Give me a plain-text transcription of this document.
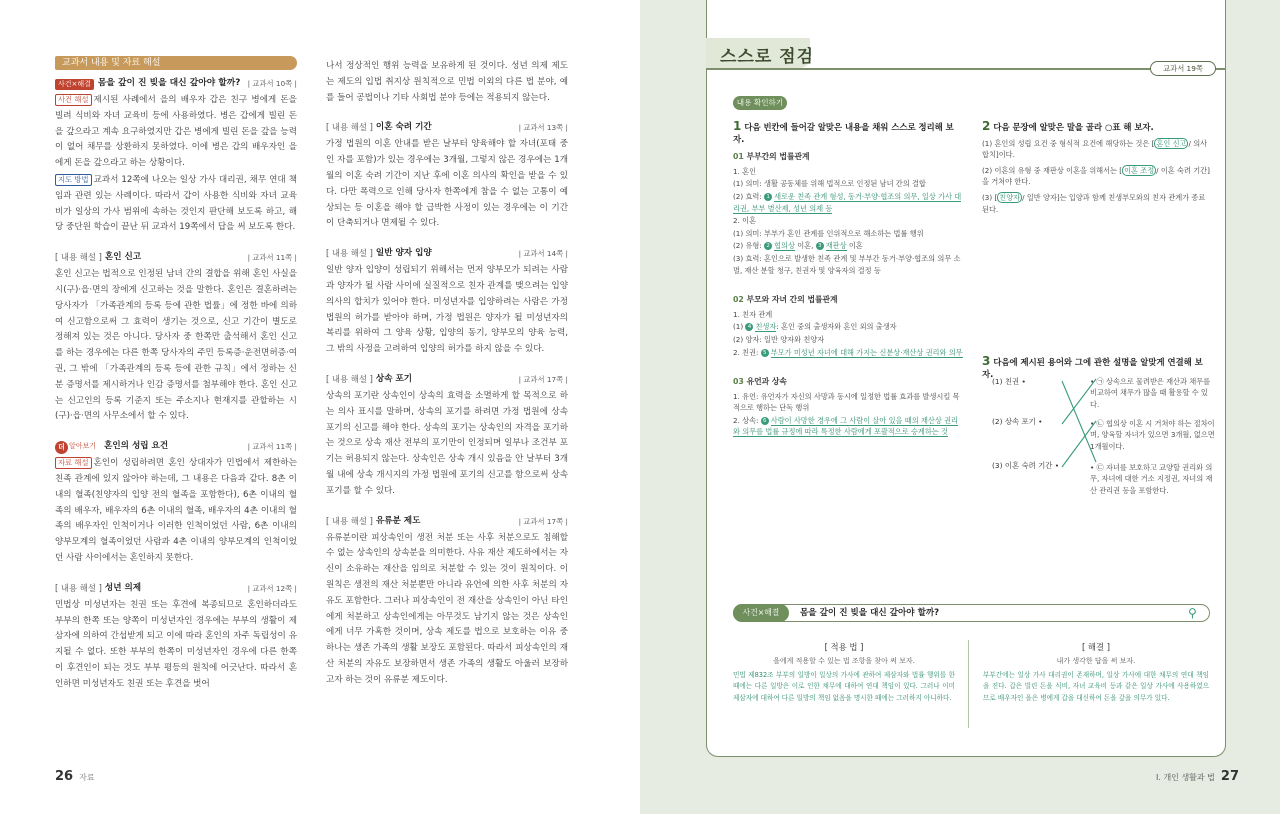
교과서 내용 및 자료 해설
사건×해결 몸을 갚이 진 빚을 대신 갚아야 할까? | 교과서 10쪽 |
사건 해설 제시된 사례에서 을의 배우자 갑은 친구 병에게 돈을 빌려 식비와 자녀 교육비 등에 사용하였다. 병은 갑에게 빌린 돈을 갚으라고 계속 요구하였지만 갑은 병에게 빌린 돈을 갚을 능력이 없어 채무를 상환하지 못하였다. 이에 병은 갑의 배우자인 을에게 돈을 갚으라고 하는 상황이다.
지도 방법 교과서 12쪽에 나오는 일상 가사 대리권, 채무 연대 책임과 관련 있는 사례이다. 따라서 갑이 사용한 식비와 자녀 교육비가 일상의 가사 범위에 속하는 것인지 판단해 보도록 하고, 해당 중단원 학습이 끝난 뒤 교과서 19쪽에서 답을 써 보도록 한다.
[ 내용 해설 ] 혼인 신고	| 교과서 11쪽 |
혼인 신고는 법적으로 인정된 남녀 간의 결합을 위해 혼인 사실을 시(구)·읍·면의 장에게 신고하는 것을 말한다. 혼인은 결혼하려는 당사자가 「가족관계의 등록 등에 관한 법률」에 정한 바에 의하여 신고함으로써 그 효력이 생기는 것으로, 신고 기간이 별도로 정해져 있는 것은 아니다. 당사자 중 한쪽만 출석해서 혼인 신고를 하는 경우에는 다른 한쪽 당사자의 주민 등록증·운전면허증·여권, 그 밖에 「가족관계의 등록 등에 관한 규칙」에서 정하는 신분 증명서를 제시하거나 인감 증명서를 첨부해야 한다. 혼인 신고는 신고인의 등록 기준지 또는 주소지나 현재지를 관할하는 시(구)·읍·면의 사무소에서 할 수 있다.
더 알아보기 혼인의 성립 요건	| 교과서 11쪽 |
자료 해설 혼인이 성립하려면 혼인 상대자가 민법에서 제한하는 친족 관계에 있지 않아야 하는데, 그 내용은 다음과 같다. 8촌 이내의 혈족(친양자의 입양 전의 혈족을 포함한다), 6촌 이내의 혈족의 배우자, 배우자의 6촌 이내의 혈족, 배우자의 4촌 이내의 혈족의 배우자인 인척이거나 이러한 인척이었던 사람, 6촌 이내의 양부모계의 혈족이었던 사람과 4촌 이내의 양부모계의 인척이었던 사람 사이에서는 혼인하지 못한다.
[ 내용 해설 ] 성년 의제	| 교과서 12쪽 |
민법상 미성년자는 친권 또는 후견에 복종되므로 혼인하더라도 부부의 한쪽 또는 양쪽이 미성년자인 경우에는 부부의 생활이 제삼자에 의하여 간섭받게 되고 이에 따라 혼인의 자주 독립성이 유지될 수 없다. 또한 부부의 한쪽이 미성년자인 경우에 다른 한쪽이 후견인이 되는 것도 부부 평등의 원칙에 어긋난다. 따라서 혼인하면 미성년자도 친권 또는 후견을 벗어
나서 정상적인 행위 능력을 보유하게 된 것이다. 성년 의제 제도는 제도의 입법 취지상 원칙적으로 민법 이외의 다른 법 분야, 예를 들어 공법이나 기타 사회법 분야 등에는 적용되지 않는다.
[ 내용 해설 ] 이혼 숙려 기간	| 교과서 13쪽 |
가정 법원의 이혼 안내를 받은 날부터 양육해야 할 자녀(포태 중인 자를 포함)가 있는 경우에는 3개월, 그렇지 않은 경우에는 1개월의 이혼 숙려 기간이 지난 후에 이혼 의사의 확인을 받을 수 있다. 다만 폭력으로 인해 당사자 한쪽에게 참을 수 없는 고통이 예상되는 등 이혼을 해야 할 급박한 사정이 있는 경우에는 이 기간이 단축되거나 면제될 수 있다.
[ 내용 해설 ] 일반 양자 입양	| 교과서 14쪽 |
일반 양자 입양이 성립되기 위해서는 먼저 양부모가 되려는 사람과 양자가 될 사람 사이에 실질적으로 친자 관계를 맺으려는 입양 의사의 합치가 있어야 한다. 미성년자를 입양하려는 사람은 가정 법원의 허가를 받아야 하며, 가정 법원은 양자가 될 미성년자의 복리를 위하여 그 양육 상황, 입양의 동기, 양부모의 양육 능력, 그 밖의 사정을 고려하여 입양의 허가를 하지 않을 수 있다.
[ 내용 해설 ] 상속 포기	| 교과서 17쪽 |
상속의 포기란 상속인이 상속의 효력을 소멸하게 할 목적으로 하는 의사 표시를 말하며, 상속의 포기를 하려면 가정 법원에 상속 포기의 신고를 해야 한다. 상속의 포기는 상속인의 자격을 포기하는 것으로 상속 재산 전부의 포기만이 인정되며 일부나 조건부 포기는 허용되지 않는다. 상속인은 상속 개시 있음을 안 날부터 3개월 내에 상속 개시지의 가정 법원에 포기의 신고를 함으로써 상속 포기를 할 수 있다.
[ 내용 해설 ] 유류분 제도	| 교과서 17쪽 |
유류분이란 피상속인이 생전 처분 또는 사후 처분으로도 침해할 수 없는 상속인의 상속분을 의미한다. 사유 재산 제도하에서는 자신이 소유하는 재산을 임의로 처분할 수 있는 것이 원칙이다. 이 원칙은 생전의 재산 처분뿐만 아니라 유언에 의한 사후 처분의 자유도 포함한다. 그러나 피상속인이 전 재산을 상속인이 아닌 타인에게 처분하고 상속인에게는 아무것도 남기지 않는 것은 상속인에게 너무 가혹한 것이며, 상속 제도를 법으로 보호하는 이유 중 하나는 생존 가족의 생활 보장도 포함된다. 따라서 피상속인의 재산 처분의 자유도 보장하면서 생존 가족의 생활도 아울러 보장하고자 하는 것이 유류분 제도이다.
26 자료
스스로 점검
교과서 19쪽
내용 확인하기
1 다음 빈칸에 들어갈 알맞은 내용을 채워 스스로 정리해 보자.
01 부부간의 법률관계
1. 혼인
(1) 의미: 생활 공동체를 위해 법적으로 인정된 남녀 간의 결합
(2) 효력: 1 새로운 친족 관계 형성, 동거·부양·협조의 의무, 일상 가사 대리권, 부부 별산제, 성년 의제 등
2. 이혼
(1) 의미: 부부가 혼인 관계를 인위적으로 해소하는 법률 행위
(2) 유형: 2 협의상 이혼, 3 재판상 이혼
(3) 효력: 혼인으로 발생한 친족 관계 및 부부간 동거·부양·협조의 의무 소멸, 재산 분할 청구, 친권자 및 양육자의 결정 등
02 부모와 자녀 간의 법률관계
1. 친자 관계
(1) 4 친생자: 혼인 중의 출생자와 혼인 외의 출생자
(2) 양자: 일반 양자와 친양자
2. 친권: 5 부모가 미성년 자녀에 대해 가지는 신분상·재산상 권리와 의무
03 유언과 상속
1. 유언: 유언자가 자신의 사망과 동시에 일정한 법률 효과를 발생시킬 목적으로 행하는 단독 행위
2. 상속: 6 사람이 사망한 경우에 그 사람이 살아 있을 때의 재산상 권리와 의무를 법률 규정에 따라 특정한 사람에게 포괄적으로 승계하는 것
2 다음 문장에 알맞은 말을 골라 ○표 해 보자.
(1) 혼인의 성립 요건 중 형식적 요건에 해당하는 것은 [ 혼인 신고 / 의사 합치]이다.
(2) 이혼의 유형 중 재판상 이혼을 위해서는 [ 이혼 조정 / 이혼 숙려 기간]을 거쳐야 한다.
(3) [ 친양자 / 일반 양자]는 입양과 함께 친생부모와의 친자 관계가 종료된다.
3 다음에 제시된 용어와 그에 관한 설명을 알맞게 연결해 보자.
(1) 친권 •
(2) 상속 포기 •
(3) 이혼 숙려 기간 •
• ㉠ 상속으로 물려받은 재산과 채무를 비교하여 채무가 많을 때 활용할 수 있다.
• ㉡ 협의상 이혼 시 거쳐야 하는 절차이며, 양육할 자녀가 있으면 3개월, 없으면 1개월이다.
• ㉢ 자녀를 보호하고 교양할 권리와 의무, 자녀에 대한 거소 지정권, 자녀의 재산 관리권 등을 포함한다.
사건×해결	몸을 갚이 진 빚을 대신 갚아야 할까?	⚲
[ 적용 법 ]
을에게 적용할 수 있는 법 조항을 찾아 써 보자.
민법 제832조 부부의 일방이 일상의 가사에 관하여 제삼자와 법률 행위를 한 때에는 다른 일방은 이로 인한 채무에 대하여 연대 책임이 있다. 그러나 이미 제삼자에 대하여 다른 일방의 책임 없음을 명시한 때에는 그러하지 아니하다.
[ 해결 ]
내가 생각한 답을 써 보자.
부부간에는 일상 가사 대리권이 존재하며, 일상 가사에 대한 채무의 연대 책임을 진다. 갑은 빌린 돈을 식비, 자녀 교육비 등과 같은 일상 가사에 사용하였으므로 배우자인 을은 병에게 갑을 대신하여 돈을 갚을 의무가 있다.
I. 개인 생활과 법 27
